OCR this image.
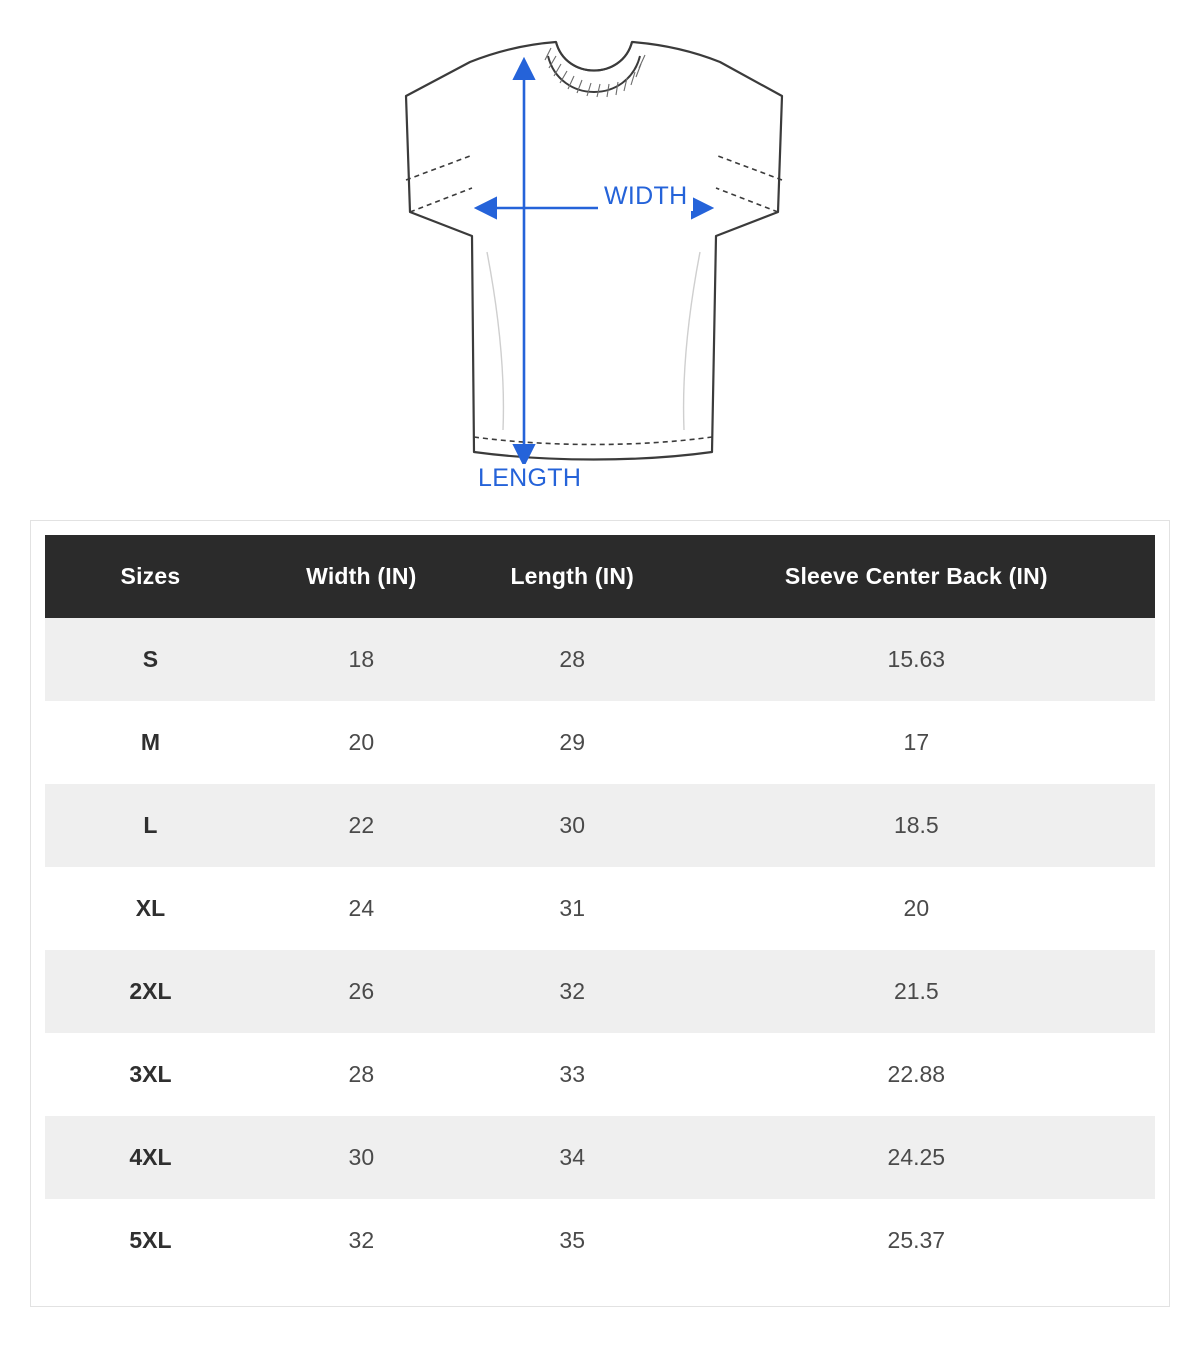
WIDTH
LENGTH
Sizes	Width (IN)	Length (IN)	Sleeve Center Back (IN)
S	18	28	15.63
M	20	29	17
L	22	30	18.5
XL	24	31	20
2XL	26	32	21.5
3XL	28	33	22.88
4XL	30	34	24.25
5XL	32	35	25.37
